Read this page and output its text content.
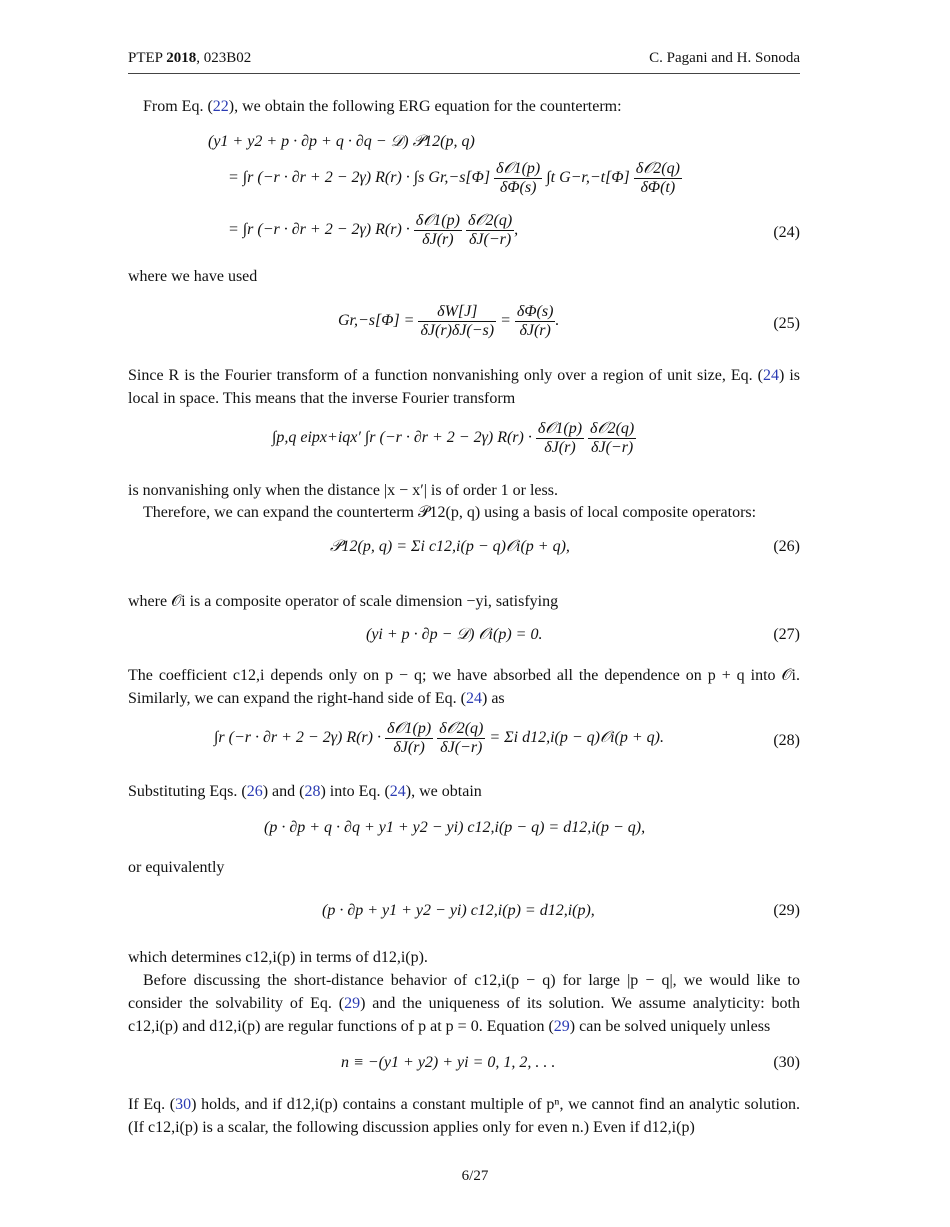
PTEP 2018, 023B02	C. Pagani and H. Sonoda
From Eq. (22), we obtain the following ERG equation for the counterterm:
(y1 + y2 + p · ∂p + q · ∂q − 𝒟) 𝒫12(p, q)
= ∫r (−r · ∂r + 2 − 2γ) R(r) · ∫s $Gr,-s[\Phi] \frac{\text{δ𝒪1(p)}}{\delta\Phi(s)} \int t$ $G-r,-t[\Phi] \frac{\text{δ𝒪2(q)}}{\delta\Phi(t)}$
= ∫r (−r · ∂r + 2 − 2γ) $R(r) \cdot \frac{\text{δ𝒪1(p)}}{\delta J(r)}$
$\frac{\text{δ𝒪2(q)}}{\delta J(-r)}$ ,	(24)
where we have used
$Gr,-s[\Phi] = \frac{\delta W[J]}{\delta J(r)\delta J(-s)} = \frac{\delta\Phi(s)}{\delta J(r)}$ .	(25)
Since R is the Fourier transform of a function nonvanishing only over a region of unit size, Eq. (24) is local in space. This means that the inverse Fourier transform
∫p,q eipx+iqx′ ∫r (−r · ∂r + 2 − 2γ) $R(r) \cdot \frac{\text{δ𝒪1(p)}}{\delta J(r)}$
$\frac{\text{δ𝒪2(q)}}{\delta J(-r)}$
is nonvanishing only when the distance |x − x′| is of order 1 or less.
Therefore, we can expand the counterterm 𝒫12(p, q) using a basis of local composite operators:
𝒫12(p, q) = Σi c12,i(p − q)𝒪i(p + q),	(26)
where 𝒪i is a composite operator of scale dimension −yi, satisfying
(yi + p · ∂p − 𝒟) 𝒪i(p) = 0.	(27)
The coefficient c12,i depends only on p − q; we have absorbed all the dependence on p + q into 𝒪i. Similarly, we can expand the right-hand side of Eq. (24) as
∫r (−r · ∂r + 2 − 2γ) $R(r) \cdot \frac{\text{δ𝒪1(p)}}{\delta J(r)}$
$\frac{\text{δ𝒪2(q)}}{\delta J(-r)} = \Sigma i$ d12,i(p − q)𝒪i(p + q).	(28)
Substituting Eqs. (26) and (28) into Eq. (24), we obtain
(p · ∂p + q · ∂q + y1 + y2 − yi) c12,i(p − q) = d12,i(p − q),
or equivalently
(p · ∂p + y1 + y2 − yi) c12,i(p) = d12,i(p),	(29)
which determines c12,i(p) in terms of d12,i(p).
Before discussing the short-distance behavior of c12,i(p − q) for large |p − q|, we would like to consider the solvability of Eq. (29) and the uniqueness of its solution. We assume analyticity: both c12,i(p) and d12,i(p) are regular functions of p at p = 0. Equation (29) can be solved uniquely unless
n ≡ −(y1 + y2) + yi = 0, 1, 2, . . .	(30)
If Eq. (30) holds, and if d12,i(p) contains a constant multiple of pⁿ, we cannot find an analytic solution. (If c12,i(p) is a scalar, the following discussion applies only for even n.) Even if d12,i(p)
6/27
